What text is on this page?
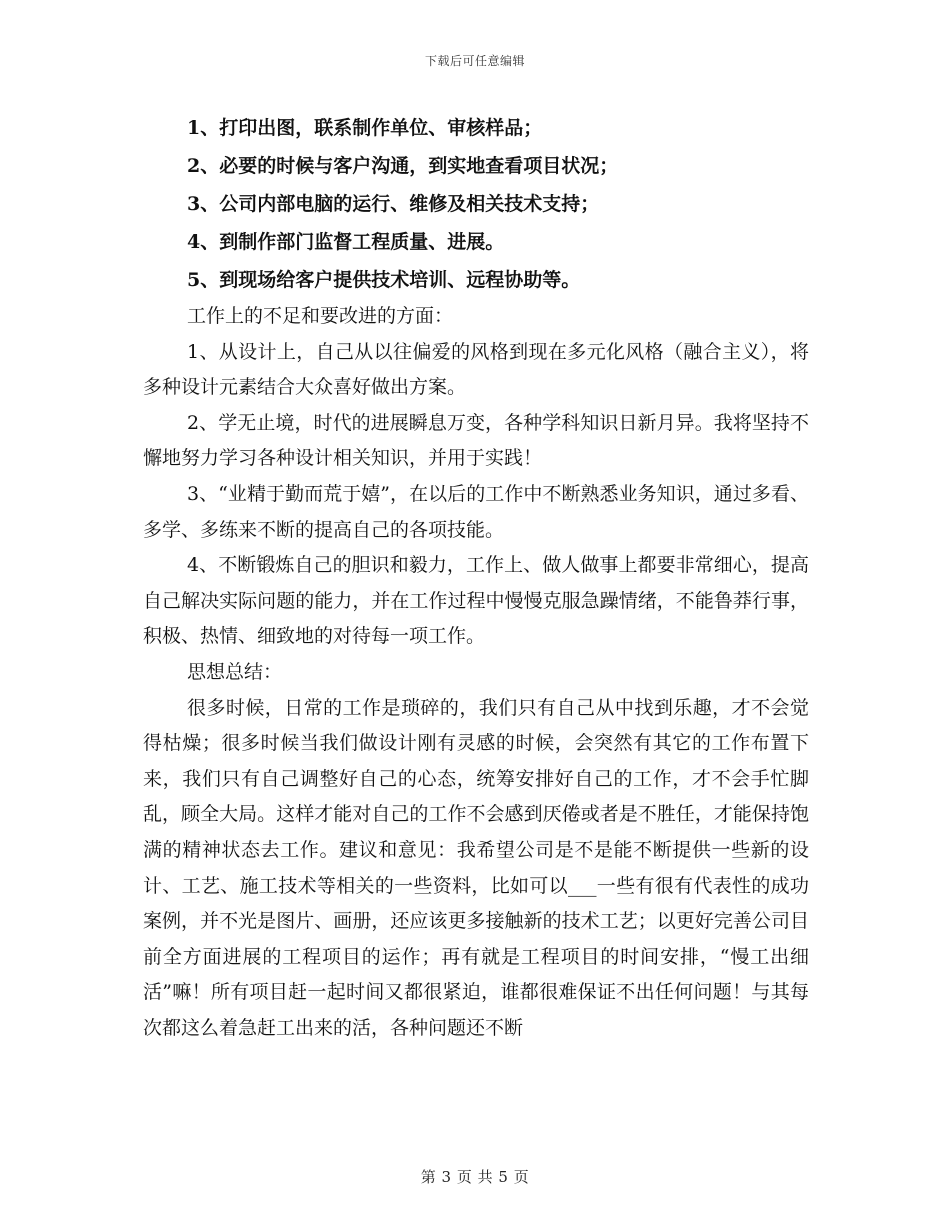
下载后可任意编辑
1、打印出图，联系制作单位、审核样品；
2、必要的时候与客户沟通，到实地查看项目状况；
3、公司内部电脑的运行、维修及相关技术支持；
4、到制作部门监督工程质量、进展。
5、到现场给客户提供技术培训、远程协助等。

工作上的不足和要改进的方面：

1、从设计上，自己从以往偏爱的风格到现在多元化风格（融合主义），将多种设计元素结合大众喜好做出方案。

2、学无止境，时代的进展瞬息万变，各种学科知识日新月异。我将坚持不懈地努力学习各种设计相关知识，并用于实践！

3、“业精于勤而荒于嬉”，在以后的工作中不断熟悉业务知识，通过多看、多学、多练来不断的提高自己的各项技能。

4、不断锻炼自己的胆识和毅力，工作上、做人做事上都要非常细心，提高自己解决实际问题的能力，并在工作过程中慢慢克服急躁情绪，不能鲁莽行事，积极、热情、细致地的对待每一项工作。

思想总结：

很多时候，日常的工作是琐碎的，我们只有自己从中找到乐趣，才不会觉得枯燥；很多时候当我们做设计刚有灵感的时候，会突然有其它的工作布置下来，我们只有自己调整好自己的心态，统筹安排好自己的工作，才不会手忙脚乱，顾全大局。这样才能对自己的工作不会感到厌倦或者是不胜任，才能保持饱满的精神状态去工作。建议和意见：我希望公司是不是能不断提供一些新的设计、工艺、施工技术等相关的一些资料，比如可以___一些有很有代表性的成功案例，并不光是图片、画册，还应该更多接触新的技术工艺；以更好完善公司目前全方面进展的工程项目的运作；再有就是工程项目的时间安排，“慢工出细活”嘛！所有项目赶一起时间又都很紧迫，谁都很难保证不出任何问题！与其每次都这么着急赶工出来的活，各种问题还不断

第 3 页 共 5 页
